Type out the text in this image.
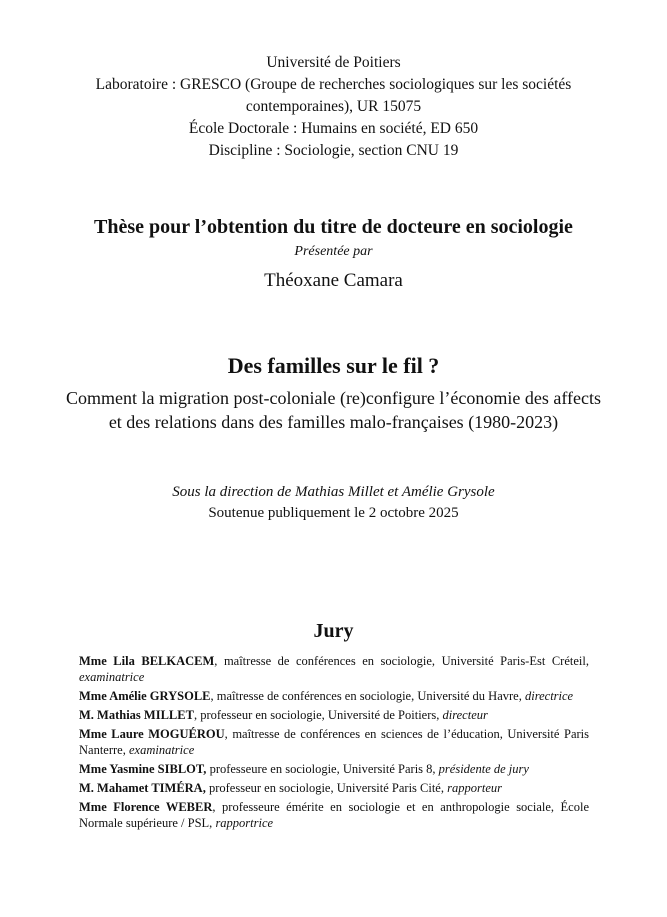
Université de Poitiers
Laboratoire : GRESCO (Groupe de recherches sociologiques sur les sociétés contemporaines), UR 15075
École Doctorale : Humains en société, ED 650
Discipline : Sociologie, section CNU 19
Thèse pour l’obtention du titre de docteure en sociologie
Présentée par
Théoxane Camara
Des familles sur le fil ?
Comment la migration post-coloniale (re)configure l’économie des affects et des relations dans des familles malo-françaises (1980-2023)
Sous la direction de Mathias Millet et Amélie Grysole
Soutenue publiquement le 2 octobre 2025
Jury
Mme Lila BELKACEM, maîtresse de conférences en sociologie, Université Paris-Est Créteil, examinatrice
Mme Amélie GRYSOLE, maîtresse de conférences en sociologie, Université du Havre, directrice
M. Mathias MILLET, professeur en sociologie, Université de Poitiers, directeur
Mme Laure MOGUÉROU, maîtresse de conférences en sciences de l’éducation, Université Paris Nanterre, examinatrice
Mme Yasmine SIBLOT, professeure en sociologie, Université Paris 8, présidente de jury
M. Mahamet TIMÉRA, professeur en sociologie, Université Paris Cité, rapporteur
Mme Florence WEBER, professeure émérite en sociologie et en anthropologie sociale, École Normale supérieure / PSL, rapportrice
